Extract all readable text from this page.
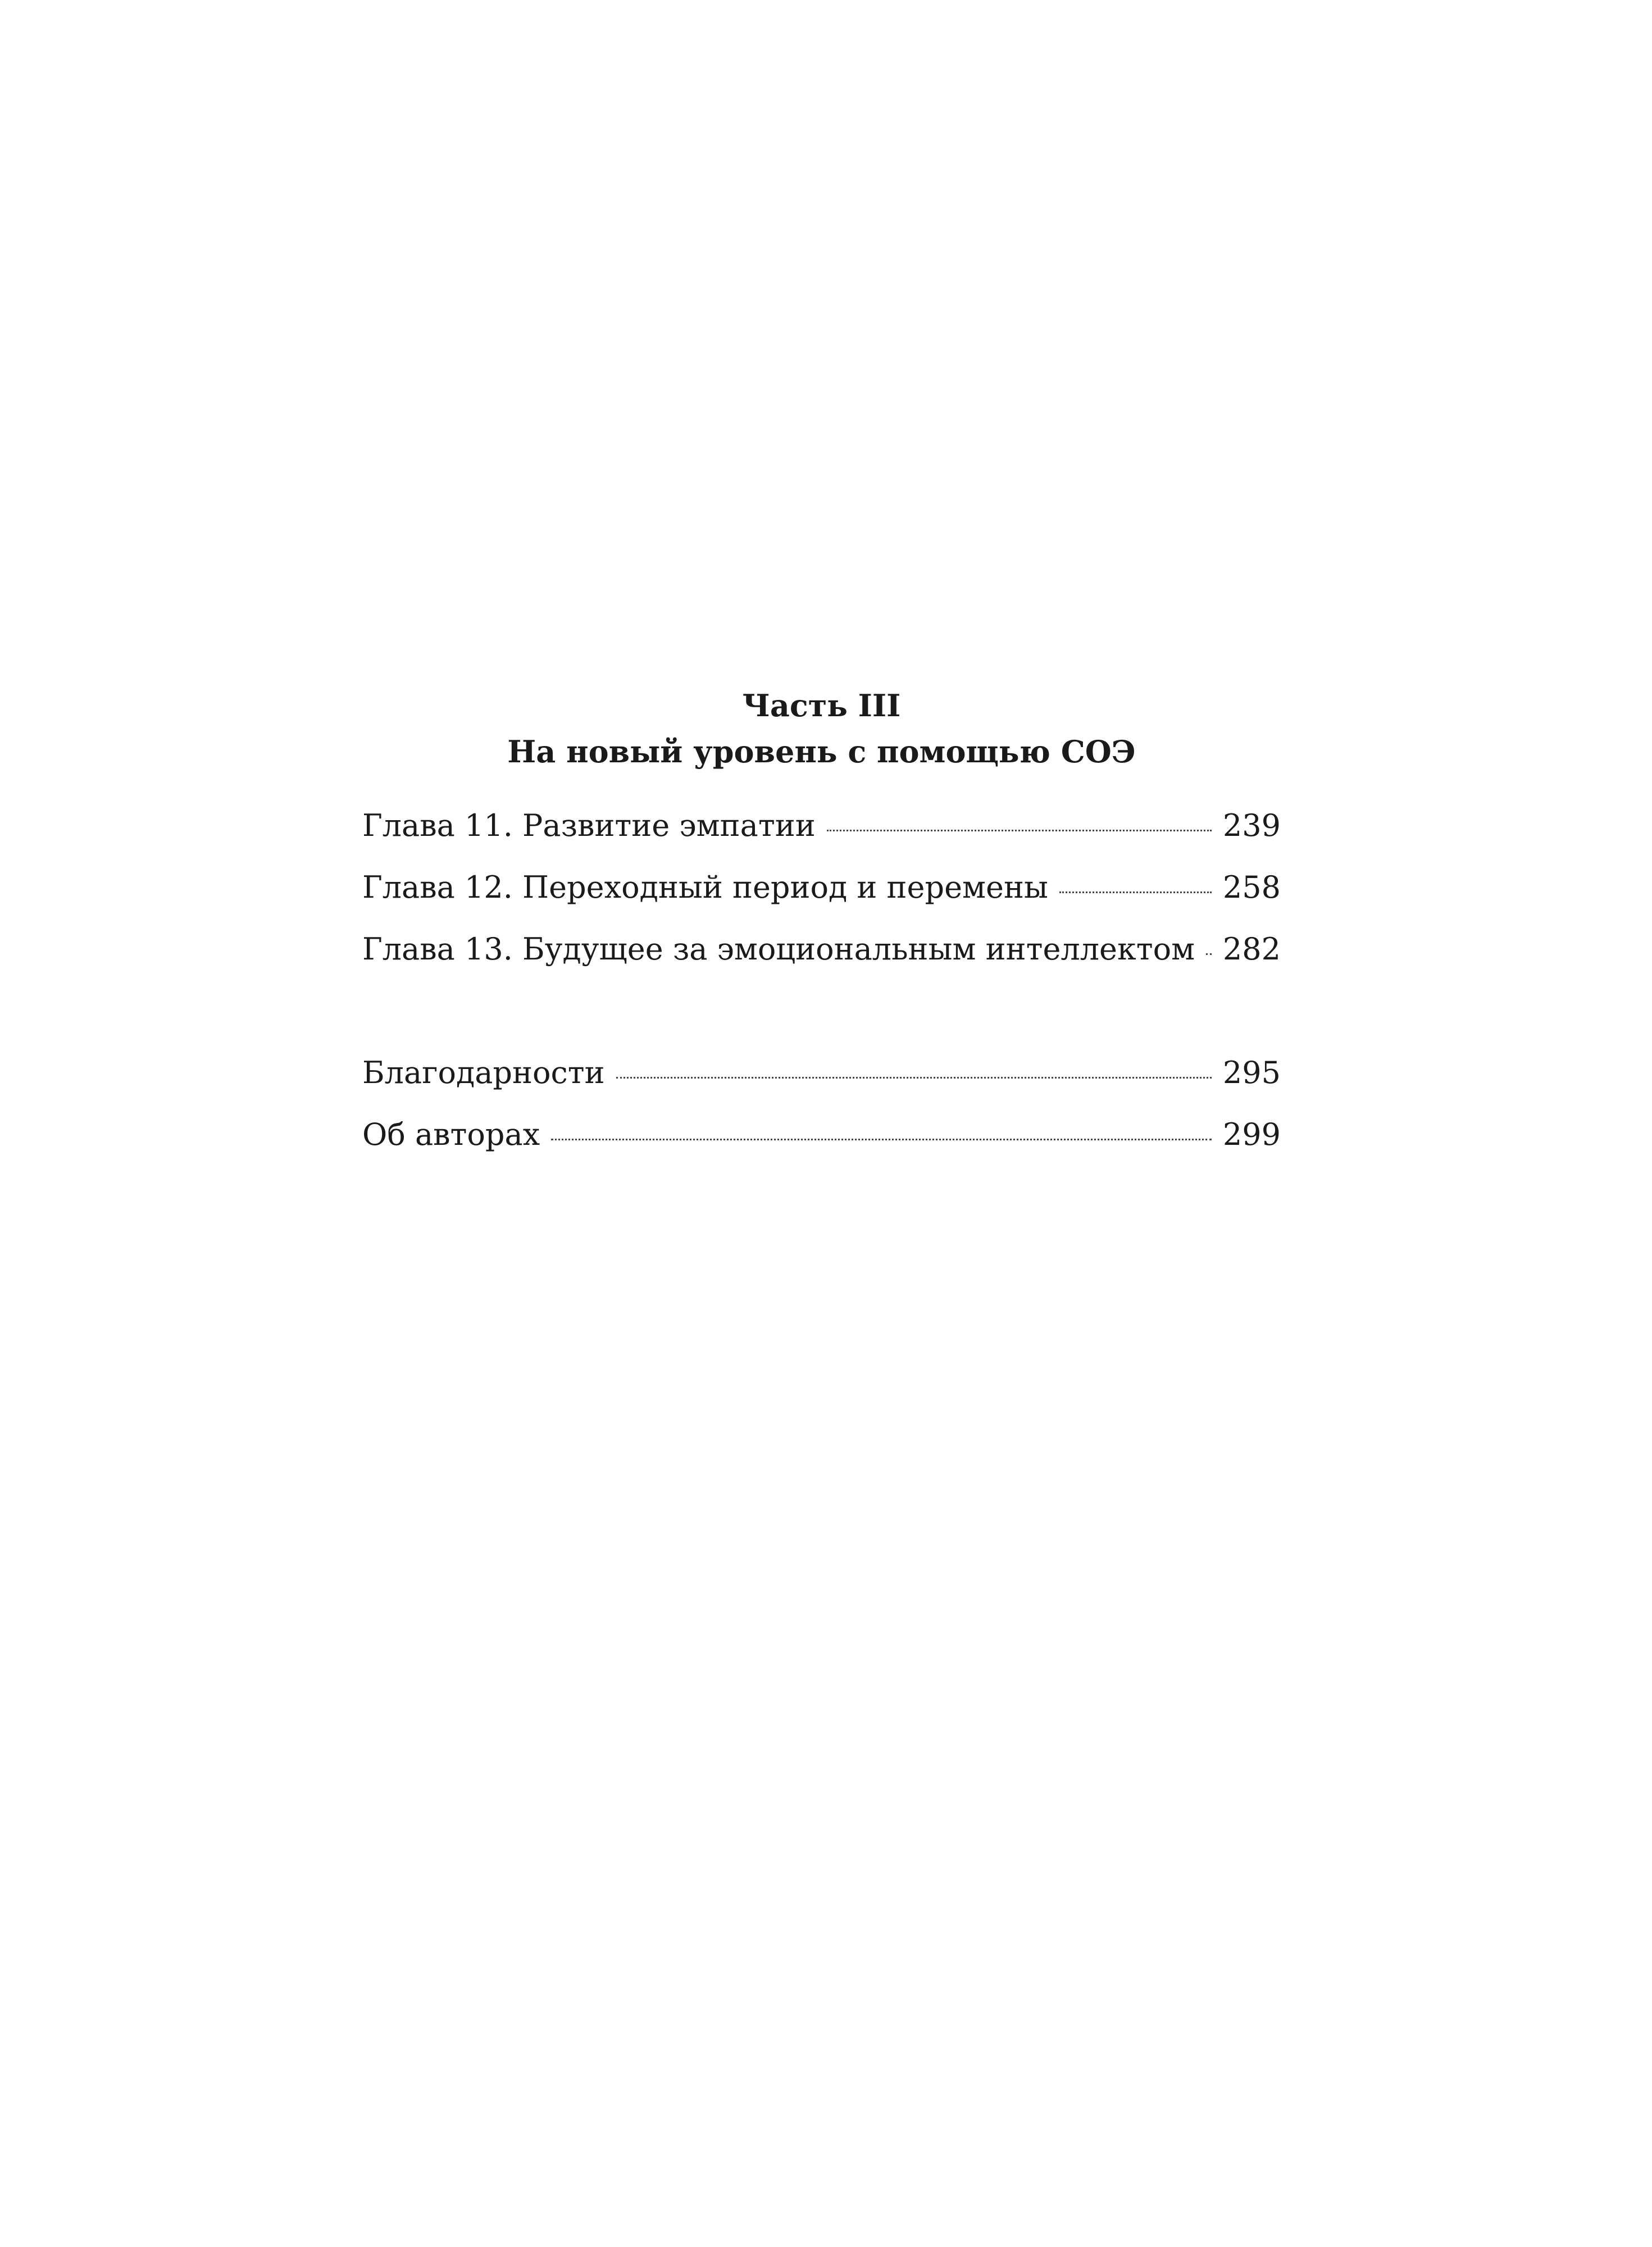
Часть III
На новый уровень с помощью СОЭ
Глава 11. Развитие эмпатии	239
Глава 12. Переходный период и перемены	258
Глава 13. Будущее за эмоциональным интеллектом 282
Благодарности	295
Об авторах	299
